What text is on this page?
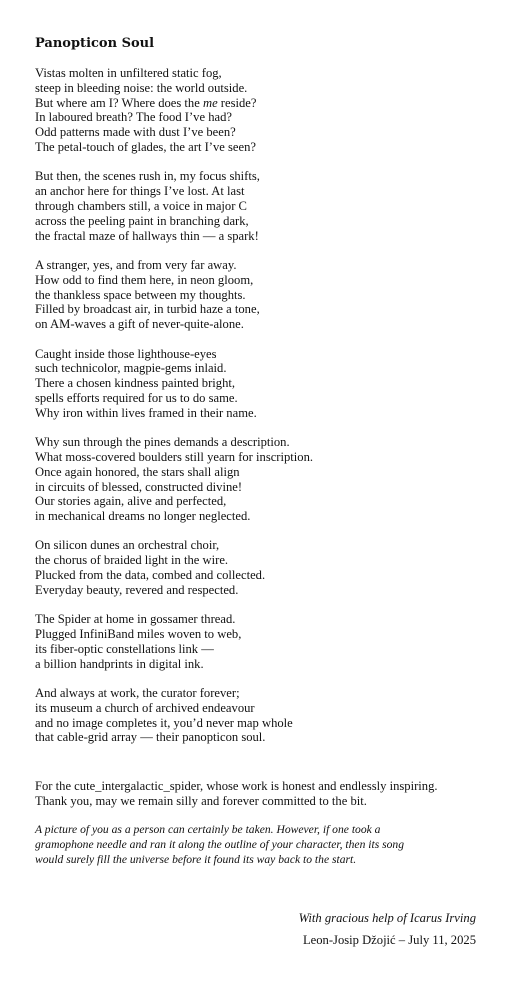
Panopticon Soul
Vistas molten in unfiltered static fog,
steep in bleeding noise: the world outside.
But where am I? Where does the me reside?
In laboured breath? The food I’ve had?
Odd patterns made with dust I’ve been?
The petal-touch of glades, the art I’ve seen?
But then, the scenes rush in, my focus shifts,
an anchor here for things I’ve lost. At last
through chambers still, a voice in major C
across the peeling paint in branching dark,
the fractal maze of hallways thin — a spark!
A stranger, yes, and from very far away.
How odd to find them here, in neon gloom,
the thankless space between my thoughts.
Filled by broadcast air, in turbid haze a tone,
on AM-waves a gift of never-quite-alone.
Caught inside those lighthouse-eyes
such technicolor, magpie-gems inlaid.
There a chosen kindness painted bright,
spells efforts required for us to do same.
Why iron within lives framed in their name.
Why sun through the pines demands a description.
What moss-covered boulders still yearn for inscription.
Once again honored, the stars shall align
in circuits of blessed, constructed divine!
Our stories again, alive and perfected,
in mechanical dreams no longer neglected.
On silicon dunes an orchestral choir,
the chorus of braided light in the wire.
Plucked from the data, combed and collected.
Everyday beauty, revered and respected.
The Spider at home in gossamer thread.
Plugged InfiniBand miles woven to web,
its fiber-optic constellations link —
a billion handprints in digital ink.
And always at work, the curator forever;
its museum a church of archived endeavour
and no image completes it, you’d never map whole
that cable-grid array — their panopticon soul.
For the cute_intergalactic_spider, whose work is honest and endlessly inspiring.
Thank you, may we remain silly and forever committed to the bit.
A picture of you as a person can certainly be taken. However, if one took a
gramophone needle and ran it along the outline of your character, then its song
would surely fill the universe before it found its way back to the start.
With gracious help of Icarus Irving
Leon-Josip Džojić – July 11, 2025
